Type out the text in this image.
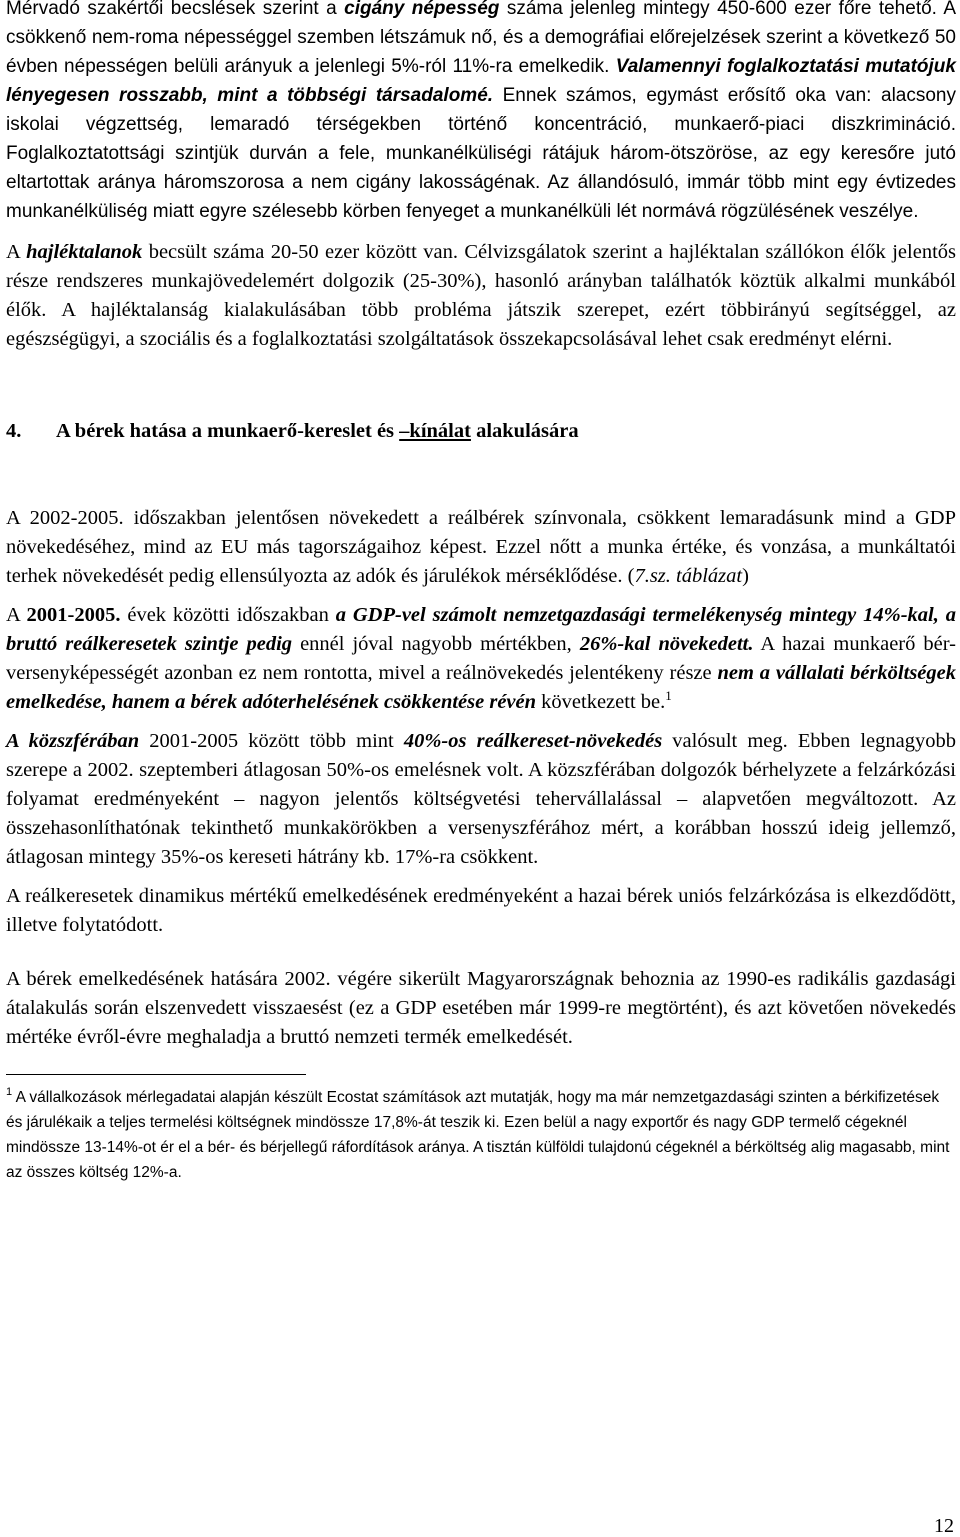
Mérvadó szakértői becslések szerint a cigány népesség száma jelenleg mintegy 450-600 ezer főre tehető. A csökkenő nem-roma népességgel szemben létszámuk nő, és a demográfiai előrejelzések szerint a következő 50 évben népességen belüli arányuk a jelenlegi 5%-ról 11%-ra emelkedik. Valamennyi foglalkoztatási mutatójuk lényegesen rosszabb, mint a többségi társadalomé. Ennek számos, egymást erősítő oka van: alacsony iskolai végzettség, lemaradó térségekben történő koncentráció, munkaerő-piaci diszkrimináció. Foglalkoztatottsági szintjük durván a fele, munkanélküliségi rátájuk három-ötszöröse, az egy keresőre jutó eltartottak aránya háromszorosa a nem cigány lakosságénak. Az állandósuló, immár több mint egy évtizedes munkanélküliség miatt egyre szélesebb körben fenyeget a munkanélküli lét normává rögzülésének veszélye.

A hajléktalanok becsült száma 20-50 ezer között van. Célvizsgálatok szerint a hajléktalan szállókon élők jelentős része rendszeres munkajövedelemért dolgozik (25-30%), hasonló arányban találhatók köztük alkalmi munkából élők. A hajléktalanság kialakulásában több probléma játszik szerepet, ezért többirányú segítséggel, az egészségügyi, a szociális és a foglalkoztatási szolgáltatások összekapcsolásával lehet csak eredményt elérni.

4. A bérek hatása a munkaerő-kereslet és –kínálat alakulására

A 2002-2005. időszakban jelentősen növekedett a reálbérek színvonala, csökkent lemaradásunk mind a GDP növekedéséhez, mind az EU más tagországaihoz képest. Ezzel nőtt a munka értéke, és vonzása, a munkáltatói terhek növekedését pedig ellensúlyozta az adók és járulékok mérséklődése. (7.sz. táblázat)

A 2001-2005. évek közötti időszakban a GDP-vel számolt nemzetgazdasági termelékenység mintegy 14%-kal, a bruttó reálkeresetek szintje pedig ennél jóval nagyobb mértékben, 26%-kal növekedett. A hazai munkaerő bér-versenyképességét azonban ez nem rontotta, mivel a reálnövekedés jelentékeny része nem a vállalati bérköltségek emelkedése, hanem a bérek adóterhelésének csökkentése révén következett be.$^1$

A közszférában 2001-2005 között több mint 40%-os reálkereset-növekedés valósult meg. Ebben legnagyobb szerepe a 2002. szeptemberi átlagosan 50%-os emelésnek volt. A közszférában dolgozók bérhelyzete a felzárkózási folyamat eredményeként – nagyon jelentős költségvetési tehervállalással – alapvetően megváltozott. Az összehasonlíthatónak tekinthető munkakörökben a versenyszférához mért, a korábban hosszú ideig jellemző, átlagosan mintegy 35%-os kereseti hátrány kb. 17%-ra csökkent.

A reálkeresetek dinamikus mértékű emelkedésének eredményeként a hazai bérek uniós felzárkózása is elkezdődött, illetve folytatódott.

A bérek emelkedésének hatására 2002. végére sikerült Magyarországnak behoznia az 1990-es radikális gazdasági átalakulás során elszenvedett visszaesést (ez a GDP esetében már 1999-re megtörtént), és azt követően növekedés mértéke évről-évre meghaladja a bruttó nemzeti termék emelkedését.

$^1$ A vállalkozások mérlegadatai alapján készült Ecostat számítások azt mutatják, hogy ma már nemzetgazdasági szinten a bérkifizetések és járulékaik a teljes termelési költségnek mindössze 17,8%-át teszik ki. Ezen belül a nagy exportőr és nagy GDP termelő cégeknél mindössze 13-14%-ot ér el a bér- és bérjellegű ráfordítások aránya. A tisztán külföldi tulajdonú cégeknél a bérköltség alig magasabb, mint az összes költség 12%-a.

12
